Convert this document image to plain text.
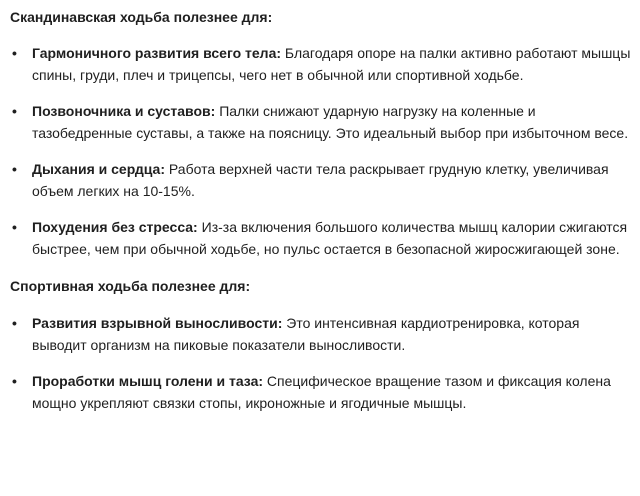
Скандинавская ходьба полезнее для:

• Гармоничного развития всего тела: Благодаря опоре на палки активно работают мышцы спины, груди, плеч и трицепсы, чего нет в обычной или спортивной ходьбе.
• Позвоночника и суставов: Палки снижают ударную нагрузку на коленные и тазобедренные суставы, а также на поясницу. Это идеальный выбор при избыточном весе.
• Дыхания и сердца: Работа верхней части тела раскрывает грудную клетку, увеличивая объем легких на 10-15%.
• Похудения без стресса: Из-за включения большого количества мышц калории сжигаются быстрее, чем при обычной ходьбе, но пульс остается в безопасной жиросжигающей зоне.

Спортивная ходьба полезнее для:

• Развития взрывной выносливости: Это интенсивная кардиотренировка, которая выводит организм на пиковые показатели выносливости.
• Проработки мышц голени и таза: Специфическое вращение тазом и фиксация колена мощно укрепляют связки стопы, икроножные и ягодичные мышцы.
